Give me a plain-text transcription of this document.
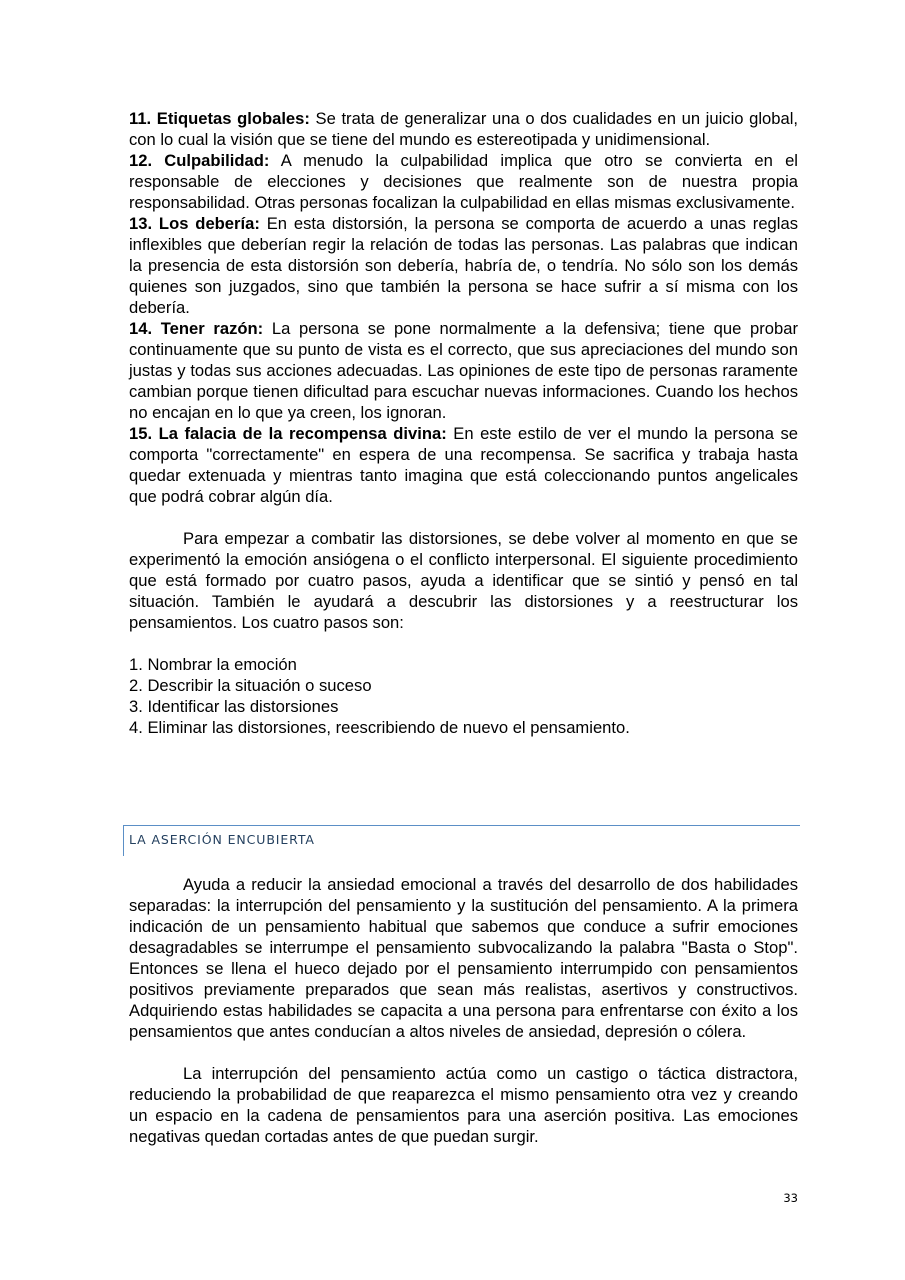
11. Etiquetas globales: Se trata de generalizar una o dos cualidades en un juicio global, con lo cual la visión que se tiene del mundo es estereotipada y unidimensional.

12. Culpabilidad: A menudo la culpabilidad implica que otro se convierta en el responsable de elecciones y decisiones que realmente son de nuestra propia responsabilidad. Otras personas focalizan la culpabilidad en ellas mismas exclusivamente.

13. Los debería: En esta distorsión, la persona se comporta de acuerdo a unas reglas inflexibles que deberían regir la relación de todas las personas. Las palabras que indican la presencia de esta distorsión son debería, habría de, o tendría. No sólo son los demás quienes son juzgados, sino que también la persona se hace sufrir a sí misma con los debería.

14. Tener razón: La persona se pone normalmente a la defensiva; tiene que probar continuamente que su punto de vista es el correcto, que sus apreciaciones del mundo son justas y todas sus acciones adecuadas. Las opiniones de este tipo de personas raramente cambian porque tienen dificultad para escuchar nuevas informaciones. Cuando los hechos no encajan en lo que ya creen, los ignoran.

15. La falacia de la recompensa divina: En este estilo de ver el mundo la persona se comporta "correctamente" en espera de una recompensa. Se sacrifica y trabaja hasta quedar extenuada y mientras tanto imagina que está coleccionando puntos angelicales que podrá cobrar algún día.

Para empezar a combatir las distorsiones, se debe volver al momento en que se experimentó la emoción ansiógena o el conflicto interpersonal. El siguiente procedimiento que está formado por cuatro pasos, ayuda a identificar que se sintió y pensó en tal situación. También le ayudará a descubrir las distorsiones y a reestructurar los pensamientos. Los cuatro pasos son:

1. Nombrar la emoción
2. Describir la situación o suceso
3. Identificar las distorsiones
4. Eliminar las distorsiones, reescribiendo de nuevo el pensamiento.
LA ASERCIÓN ENCUBIERTA

Ayuda a reducir la ansiedad emocional a través del desarrollo de dos habilidades separadas: la interrupción del pensamiento y la sustitución del pensamiento. A la primera indicación de un pensamiento habitual que sabemos que conduce a sufrir emociones desagradables se interrumpe el pensamiento subvocalizando la palabra "Basta o Stop". Entonces se llena el hueco dejado por el pensamiento interrumpido con pensamientos positivos previamente preparados que sean más realistas, asertivos y constructivos. Adquiriendo estas habilidades se capacita a una persona para enfrentarse con éxito a los pensamientos que antes conducían a altos niveles de ansiedad, depresión o cólera.

La interrupción del pensamiento actúa como un castigo o táctica distractora, reduciendo la probabilidad de que reaparezca el mismo pensamiento otra vez y creando un espacio en la cadena de pensamientos para una aserción positiva. Las emociones negativas quedan cortadas antes de que puedan surgir.

33
